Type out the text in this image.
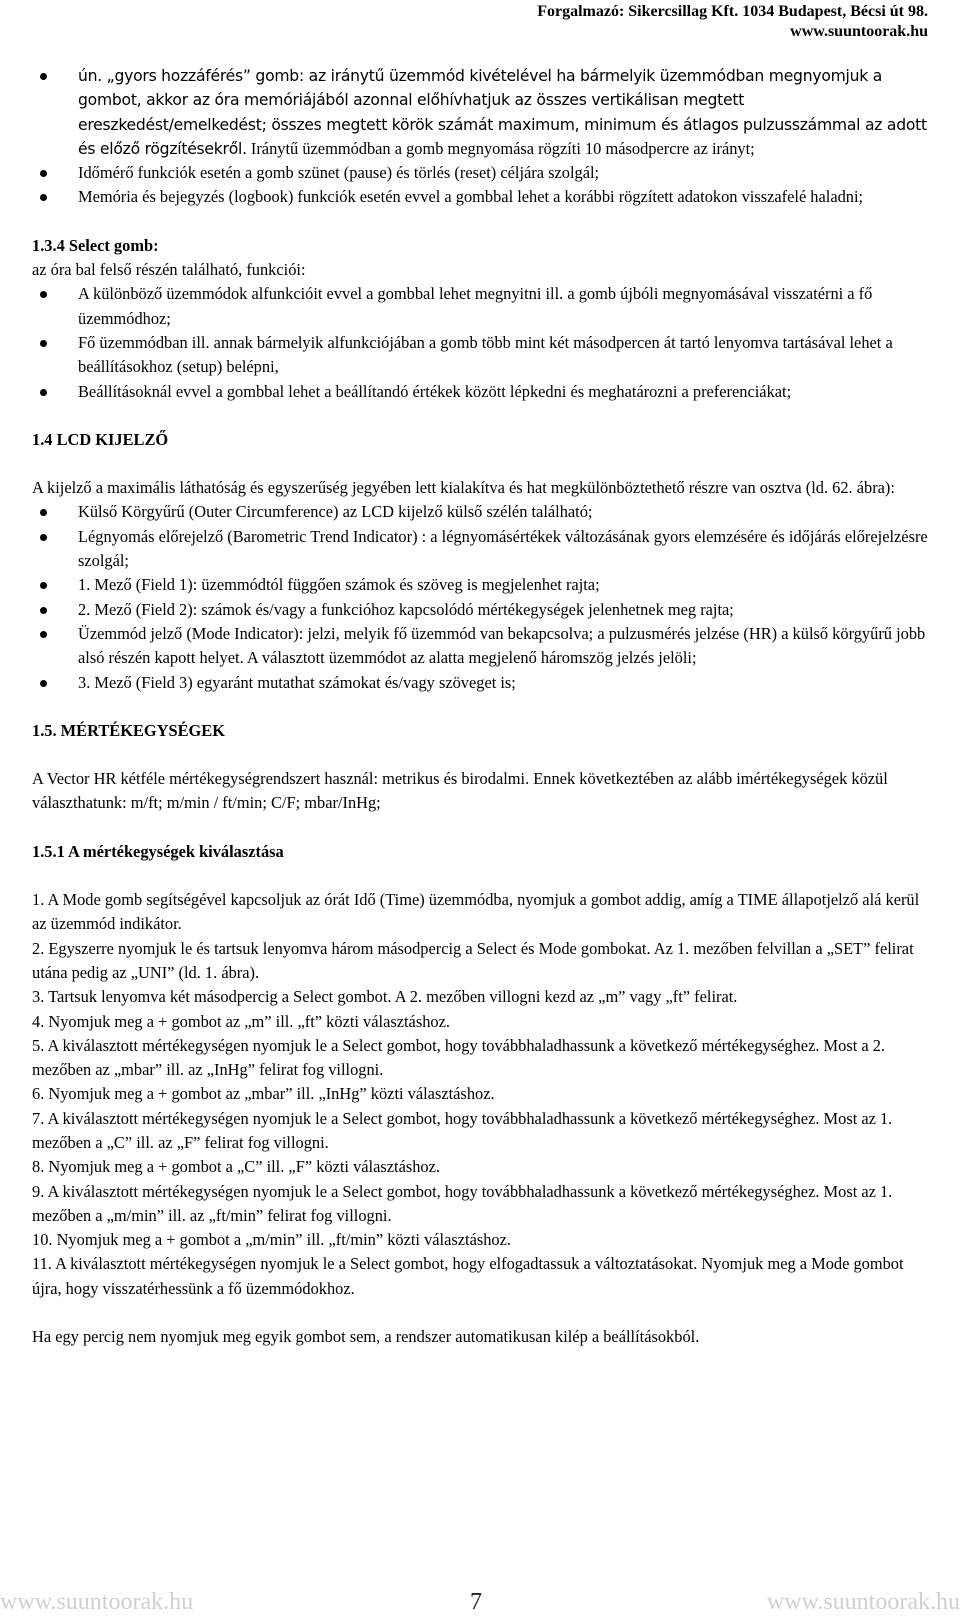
Forgalmazó: Sikercsillag Kft. 1034 Budapest, Bécsi út 98.
www.suuntoorak.hu
ún. „gyors hozzáférés” gomb: az iránytű üzemmód kivételével ha bármelyik üzemmódban megnyomjuk a gombot, akkor az óra memóriájából azonnal előhívhatjuk az összes vertikálisan megtett ereszkedést/emelkedést; összes megtett körök számát maximum, minimum és átlagos pulzusszámmal az adott és előző rögzítésekről. Iránytű üzemmódban a gomb megnyomása rögzíti 10 másodpercre az irányt;
Időmérő funkciók esetén a gomb szünet (pause) és törlés (reset) céljára szolgál;
Memória és bejegyzés (logbook) funkciók esetén evvel a gombbal lehet a korábbi rögzített adatokon visszafelé haladni;

1.3.4 Select gomb:

az óra bal felső részén található, funkciói:

A különböző üzemmódok alfunkcióit evvel a gombbal lehet megnyitni ill. a gomb újbóli megnyomásával visszatérni a fő üzemmódhoz;
Fő üzemmódban ill. annak bármelyik alfunkciójában a gomb több mint két másodpercen át tartó lenyomva tartásával lehet a beállításokhoz (setup) belépni,
Beállításoknál evvel a gombbal lehet a beállítandó értékek között lépkedni és meghatározni a preferenciákat;

1.4 LCD KIJELZŐ

A kijelző a maximális láthatóság és egyszerűség jegyében lett kialakítva és hat megkülönböztethető részre van osztva (ld. 62. ábra):

Külső Körgyűrű (Outer Circumference) az LCD kijelző külső szélén található;
Légnyomás előrejelző (Barometric Trend Indicator) : a légnyomásértékek változásának gyors elemzésére és időjárás előrejelzésre szolgál;
1. Mező (Field 1): üzemmódtól függően számok és szöveg is megjelenhet rajta;
2. Mező (Field 2): számok és/vagy a funkcióhoz kapcsolódó mértékegységek jelenhetnek meg rajta;
Üzemmód jelző (Mode Indicator): jelzi, melyik fő üzemmód van bekapcsolva; a pulzusmérés jelzése (HR) a külső körgyűrű jobb alsó részén kapott helyet. A választott üzemmódot az alatta megjelenő háromszög jelzés jelöli;
3. Mező (Field 3) egyaránt mutathat számokat és/vagy szöveget is;

1.5. MÉRTÉKEGYSÉGEK

A Vector HR kétféle mértékegységrendszert használ: metrikus és birodalmi. Ennek következtében az alább imértékegységek közül választhatunk: m/ft; m/min / ft/min; C/F; mbar/InHg;

1.5.1 A mértékegységek kiválasztása

1. A Mode gomb segítségével kapcsoljuk az órát Idő (Time) üzemmódba, nyomjuk a gombot addig, amíg a TIME állapotjelző alá kerül az üzemmód indikátor.

2. Egyszerre nyomjuk le és tartsuk lenyomva három másodpercig a Select és Mode gombokat. Az 1. mezőben felvillan a „SET” felirat utána pedig az „UNI” (ld. 1. ábra).

3. Tartsuk lenyomva két másodpercig a Select gombot. A 2. mezőben villogni kezd az „m” vagy „ft” felirat.

4. Nyomjuk meg a + gombot az „m” ill. „ft” közti választáshoz.

5. A kiválasztott mértékegységen nyomjuk le a Select gombot, hogy továbbhaladhassunk a következő mértékegységhez. Most a 2. mezőben az „mbar” ill. az „InHg” felirat fog villogni.

6. Nyomjuk meg a + gombot az „mbar” ill. „InHg” közti választáshoz.

7. A kiválasztott mértékegységen nyomjuk le a Select gombot, hogy továbbhaladhassunk a következő mértékegységhez. Most az 1. mezőben a „C” ill. az „F” felirat fog villogni.

8. Nyomjuk meg a + gombot a „C” ill. „F” közti választáshoz.

9. A kiválasztott mértékegységen nyomjuk le a Select gombot, hogy továbbhaladhassunk a következő mértékegységhez. Most az 1. mezőben a „m/min” ill. az „ft/min” felirat fog villogni.

10. Nyomjuk meg a + gombot a „m/min” ill. „ft/min” közti választáshoz.

11. A kiválasztott mértékegységen nyomjuk le a Select gombot, hogy elfogadtassuk a változtatásokat. Nyomjuk meg a Mode gombot újra, hogy visszatérhessünk a fő üzemmódokhoz.

Ha egy percig nem nyomjuk meg egyik gombot sem, a rendszer automatikusan kilép a beállításokból.

www.suuntoorak.hu	7	www.suuntoorak.hu
